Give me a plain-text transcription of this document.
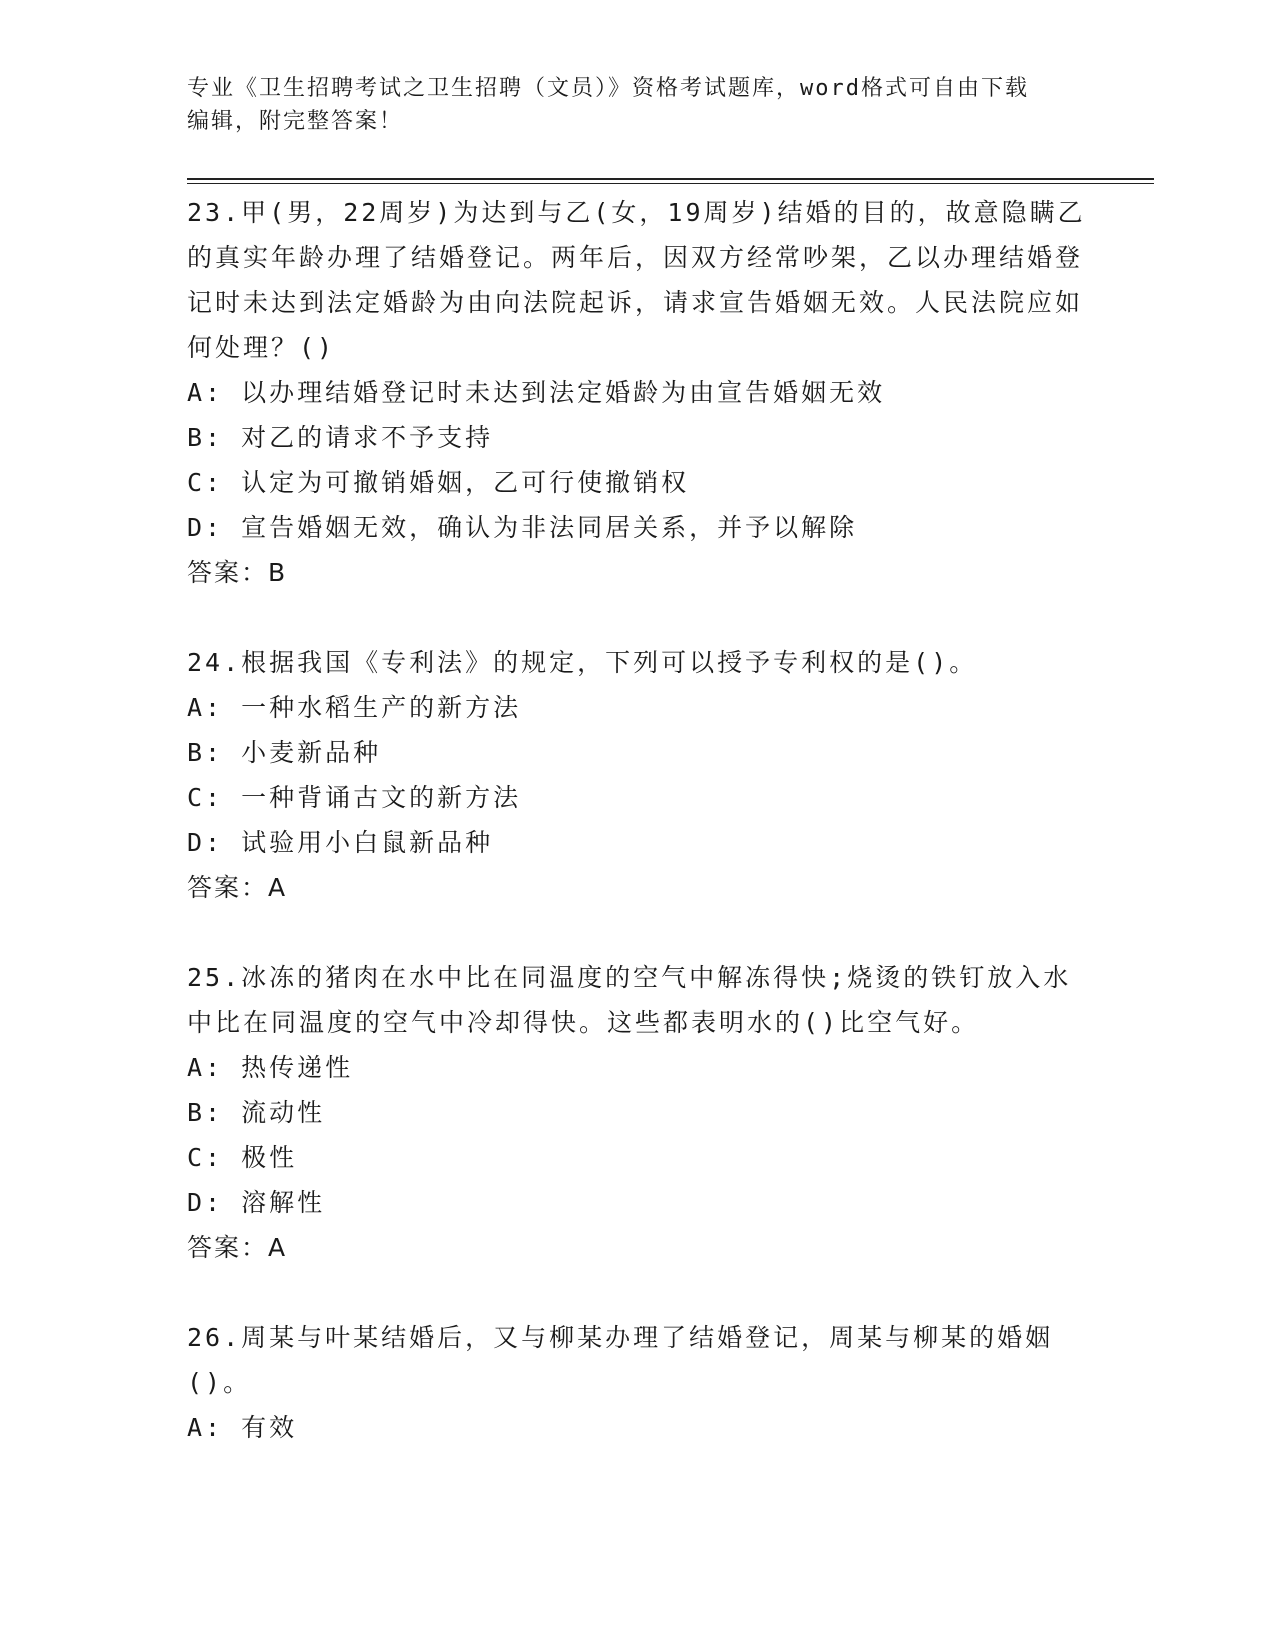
专业《卫生招聘考试之卫生招聘（文员）》资格考试题库，word格式可自由下载
编辑，附完整答案！

23.甲(男，22周岁)为达到与乙(女，19周岁)结婚的目的，故意隐瞒乙的真实年龄办理了结婚登记。两年后，因双方经常吵架，乙以办理结婚登记时未达到法定婚龄为由向法院起诉，请求宣告婚姻无效。人民法院应如何处理？()

A: 以办理结婚登记时未达到法定婚龄为由宣告婚姻无效

B: 对乙的请求不予支持

C: 认定为可撤销婚姻，乙可行使撤销权

D: 宣告婚姻无效，确认为非法同居关系，并予以解除

答案：B

24.根据我国《专利法》的规定，下列可以授予专利权的是()。

A: 一种水稻生产的新方法

B: 小麦新品种

C: 一种背诵古文的新方法

D: 试验用小白鼠新品种

答案：A

25.冰冻的猪肉在水中比在同温度的空气中解冻得快;烧烫的铁钉放入水中比在同温度的空气中冷却得快。这些都表明水的()比空气好。

A: 热传递性

B: 流动性

C: 极性

D: 溶解性

答案：A

26.周某与叶某结婚后，又与柳某办理了结婚登记，周某与柳某的婚姻()。

A: 有效
